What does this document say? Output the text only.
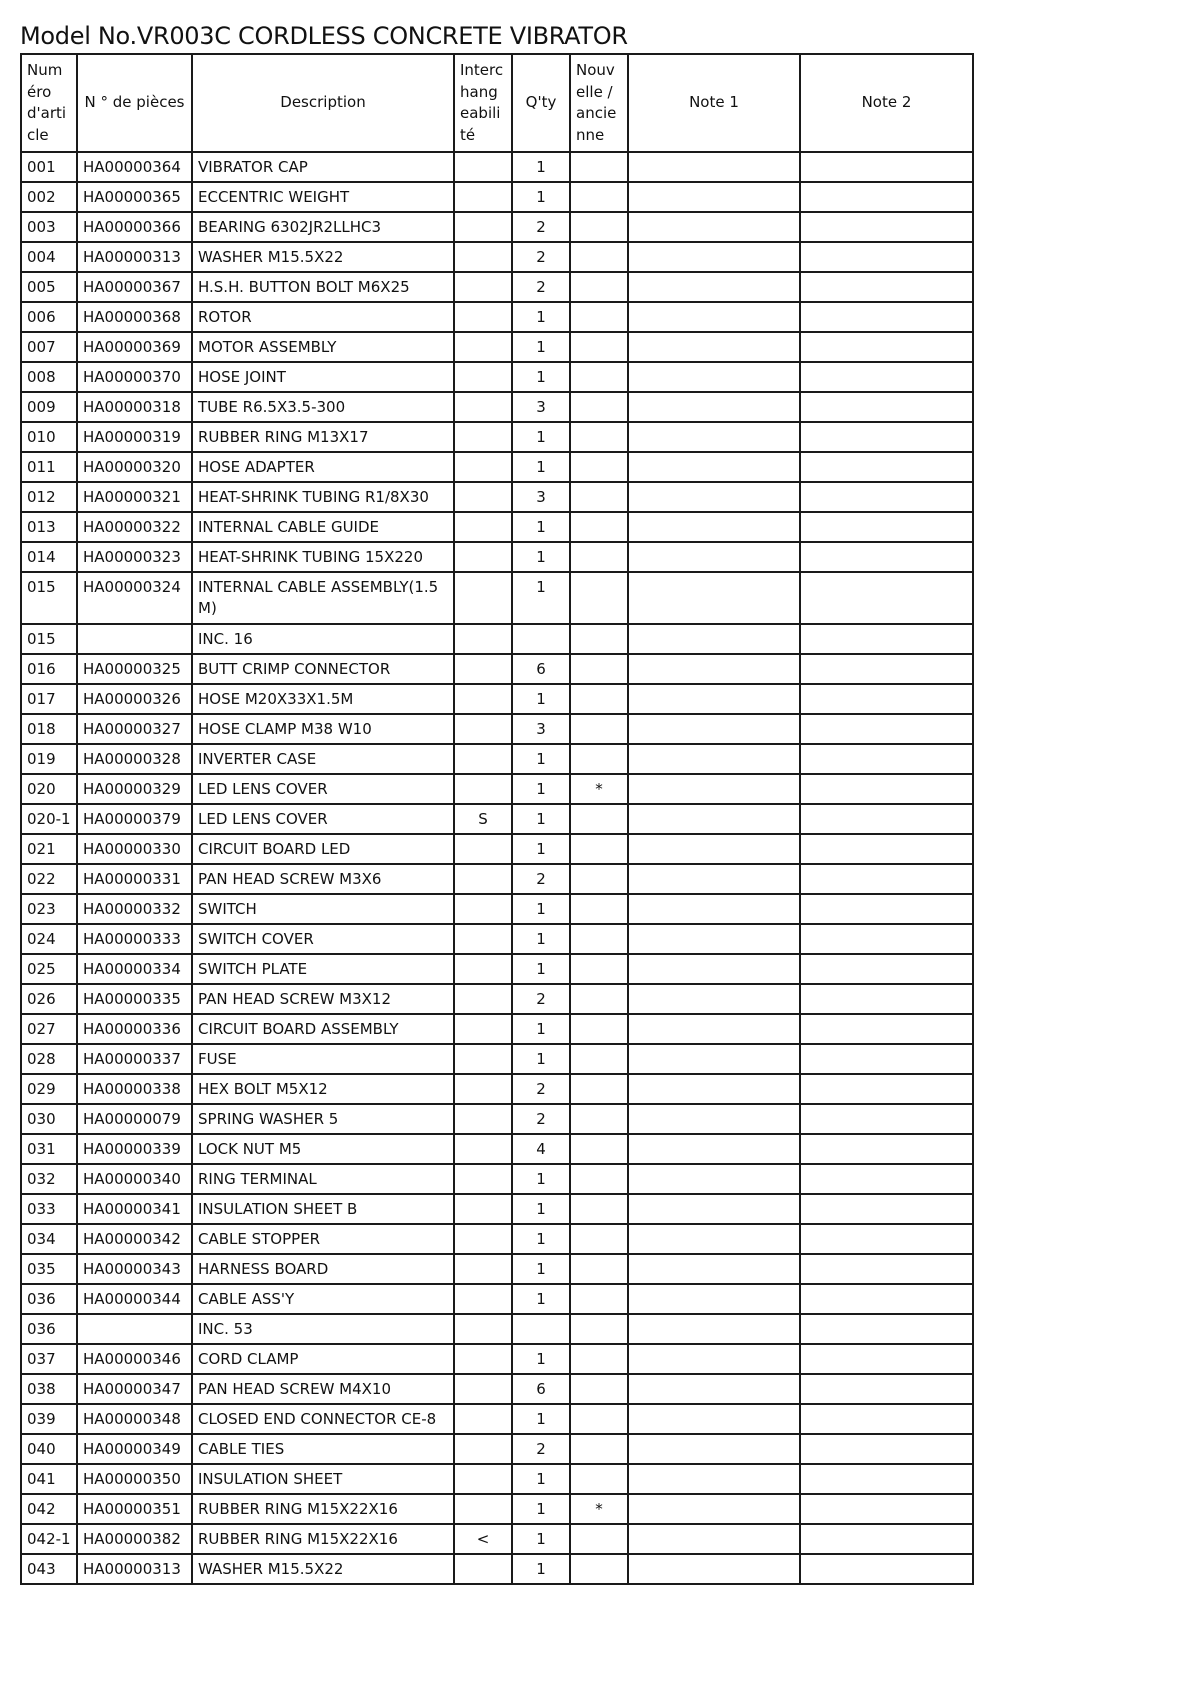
Model No.VR003C CORDLESS CONCRETE VIBRATOR
Numéro d'article	N ° de pièces	Description	Interchangeabilité	Q'ty	Nouvelle / ancienne	Note 1	Note 2
001	HA00000364	VIBRATOR CAP		1			
002	HA00000365	ECCENTRIC WEIGHT		1			
003	HA00000366	BEARING 6302JR2LLHC3		2			
004	HA00000313	WASHER M15.5X22		2			
005	HA00000367	H.S.H. BUTTON BOLT M6X25		2			
006	HA00000368	ROTOR		1			
007	HA00000369	MOTOR ASSEMBLY		1			
008	HA00000370	HOSE JOINT		1			
009	HA00000318	TUBE R6.5X3.5-300		3			
010	HA00000319	RUBBER RING M13X17		1			
011	HA00000320	HOSE ADAPTER		1			
012	HA00000321	HEAT-SHRINK TUBING R1/8X30		3			
013	HA00000322	INTERNAL CABLE GUIDE		1			
014	HA00000323	HEAT-SHRINK TUBING 15X220		1			
015	HA00000324	INTERNAL CABLE ASSEMBLY(1.5M)		1			
015		INC. 16					
016	HA00000325	BUTT CRIMP CONNECTOR		6			
017	HA00000326	HOSE M20X33X1.5M		1			
018	HA00000327	HOSE CLAMP M38 W10		3			
019	HA00000328	INVERTER CASE		1			
020	HA00000329	LED LENS COVER		1	*		
020-1	HA00000379	LED LENS COVER	S	1			
021	HA00000330	CIRCUIT BOARD LED		1			
022	HA00000331	PAN HEAD SCREW M3X6		2			
023	HA00000332	SWITCH		1			
024	HA00000333	SWITCH COVER		1			
025	HA00000334	SWITCH PLATE		1			
026	HA00000335	PAN HEAD SCREW M3X12		2			
027	HA00000336	CIRCUIT BOARD ASSEMBLY		1			
028	HA00000337	FUSE		1			
029	HA00000338	HEX BOLT M5X12		2			
030	HA00000079	SPRING WASHER 5		2			
031	HA00000339	LOCK NUT M5		4			
032	HA00000340	RING TERMINAL		1			
033	HA00000341	INSULATION SHEET B		1			
034	HA00000342	CABLE STOPPER		1			
035	HA00000343	HARNESS BOARD		1			
036	HA00000344	CABLE ASS'Y		1			
036		INC. 53					
037	HA00000346	CORD CLAMP		1			
038	HA00000347	PAN HEAD SCREW M4X10		6			
039	HA00000348	CLOSED END CONNECTOR CE-8		1			
040	HA00000349	CABLE TIES		2			
041	HA00000350	INSULATION SHEET		1			
042	HA00000351	RUBBER RING M15X22X16		1	*		
042-1	HA00000382	RUBBER RING M15X22X16	<	1			
043	HA00000313	WASHER M15.5X22		1			
